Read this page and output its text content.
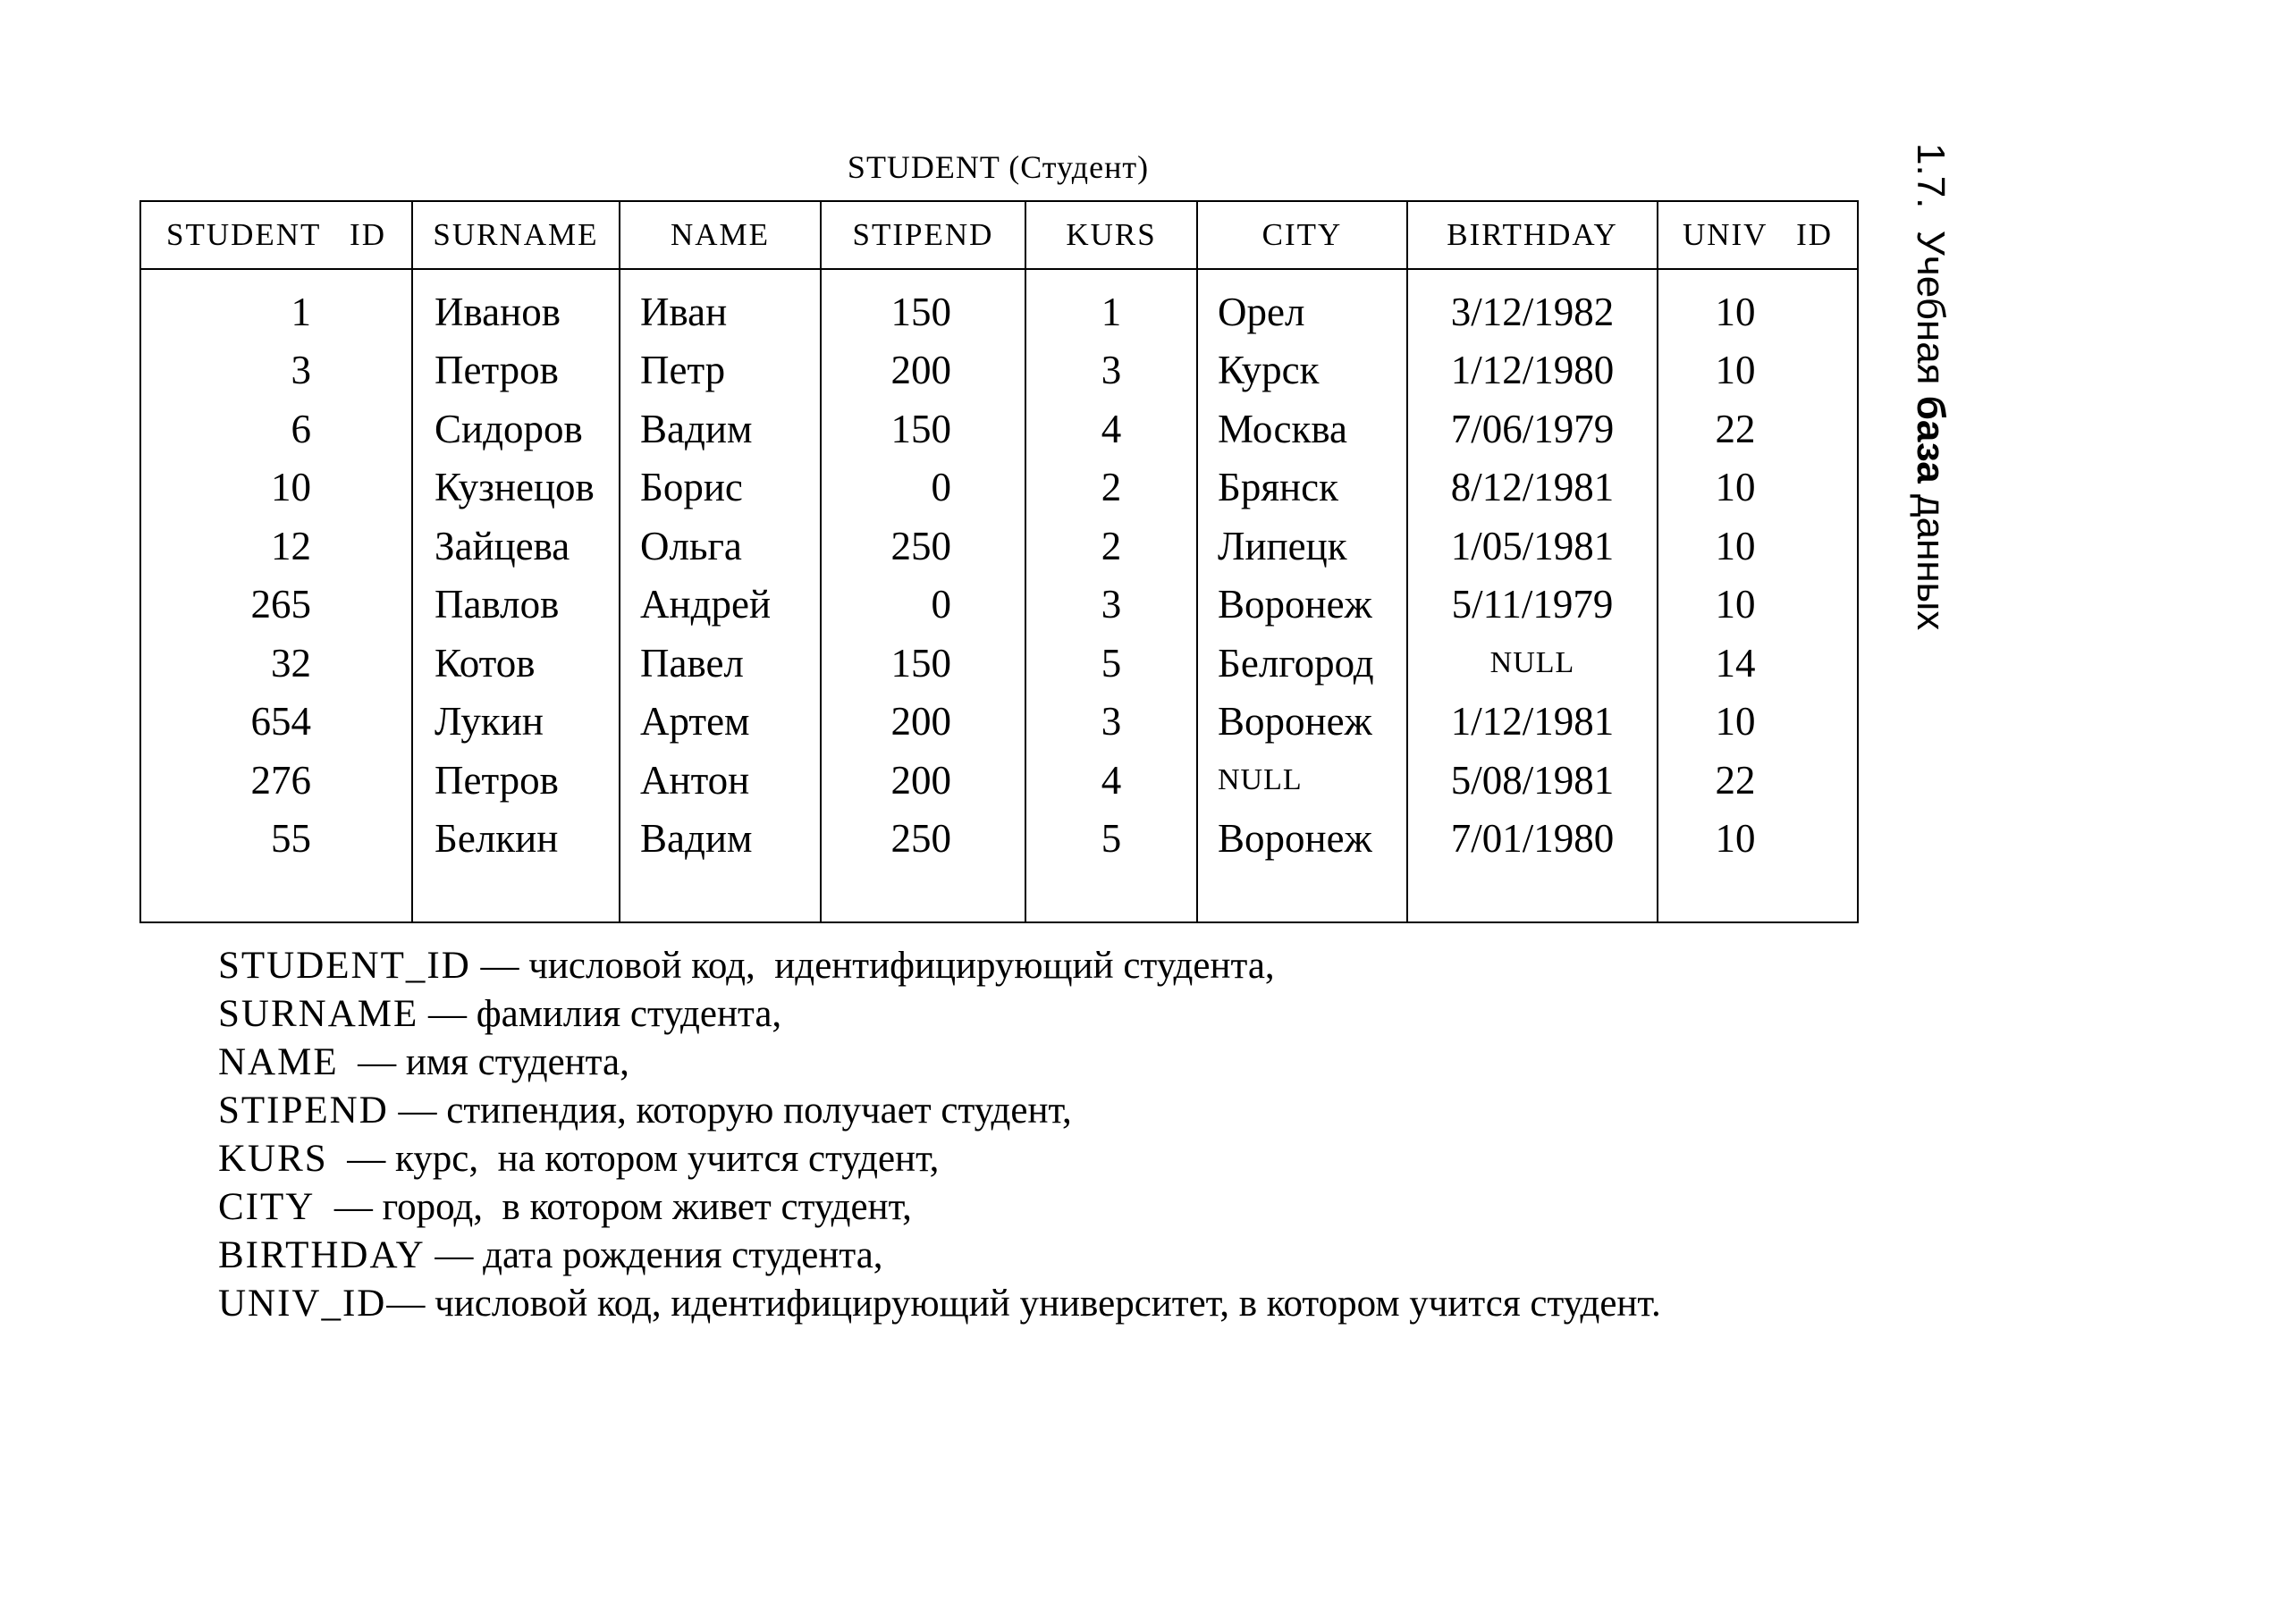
1.7.  Учебная база данных
STUDENT (Студент)
STUDENT   ID	SURNAME	NAME	STIPEND	KURS	CITY	BIRTHDAY	UNIV   ID
1	Иванов	Иван	150	1	Орел	3/12/1982	10
3	Петров	Петр	200	3	Курск	1/12/1980	10
6	Сидоров	Вадим	150	4	Москва	7/06/1979	22
10	Кузнецов	Борис	0	2	Брянск	8/12/1981	10
12	Зайцева	Ольга	250	2	Липецк	1/05/1981	10
265	Павлов	Андрей	0	3	Воронеж	5/11/1979	10
32	Котов	Павел	150	5	Белгород	NULL	14
654	Лукин	Артем	200	3	Воронеж	1/12/1981	10
276	Петров	Антон	200	4	NULL	5/08/1981	22
55	Белкин	Вадим	250	5	Воронеж	7/01/1980	10

STUDENT_ID — числовой код,  идентифицирующий студента,
SURNAME — фамилия студента,
NAME  — имя студента,
STIPEND — стипендия, которую получает студент,
KURS  — курс,  на котором учится студент,
CITY  — город,  в котором живет студент,
BIRTHDAY — дата рождения студента,
UNIV_ID— числовой код, идентифицирующий университет, в котором учится студент.
